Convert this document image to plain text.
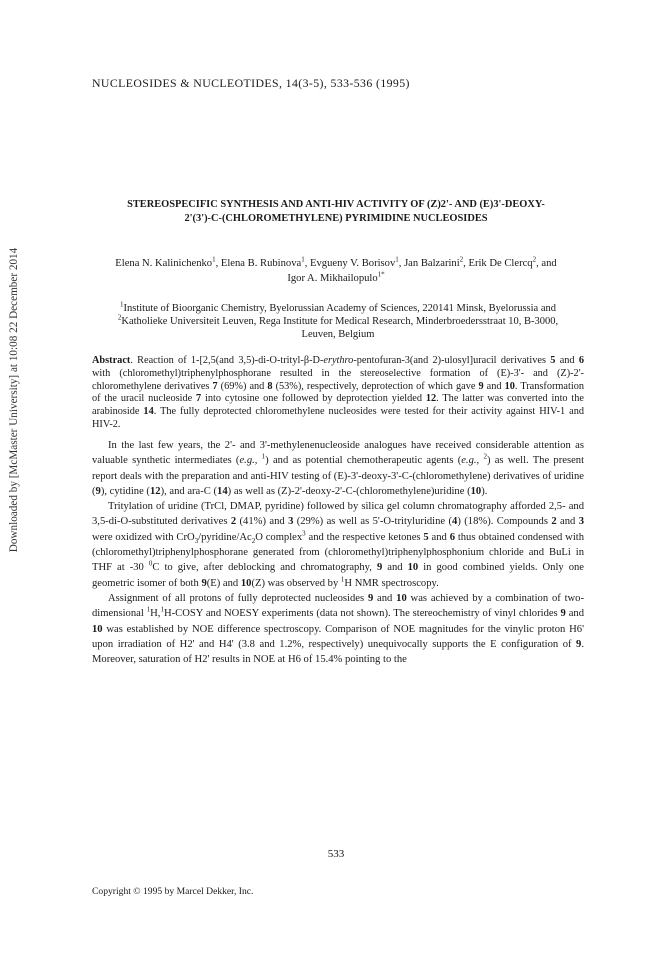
Downloaded by [McMaster University] at 10:08 22 December 2014
NUCLEOSIDES & NUCLEOTIDES, 14(3-5), 533-536 (1995)
STEREOSPECIFIC SYNTHESIS AND ANTI-HIV ACTIVITY OF (Z)2'- AND (E)3'-DEOXY-
2'(3')-C-(CHLOROMETHYLENE) PYRIMIDINE NUCLEOSIDES
Elena N. Kalinichenko$^1$, Elena B. Rubinova$^1$, Evgueny V. Borisov$^1$, Jan Balzarini$^2$, Erik De Clercq$^2$, and
Igor A. Mikhailopulo$^{1*}$
$^1$Institute of Bioorganic Chemistry, Byelorussian Academy of Sciences, 220141 Minsk, Byelorussia and
$^2$Katholieke Universiteit Leuven, Rega Institute for Medical Research, Minderbroedersstraat 10, B-3000,
Leuven, Belgium
Abstract. Reaction of 1-[2,5(and 3,5)-di-O-trityl-β-D-erythro-pentofuran-3(and 2)-ulosyl]uracil derivatives 5 and 6 with (chloromethyl)triphenylphosphorane resulted in the stereoselective formation of (E)-3'- and (Z)-2'-chloromethylene derivatives 7 (69%) and 8 (53%), respectively, deprotection of which gave 9 and 10. Transformation of the uracil nucleoside 7 into cytosine one followed by deprotection yielded 12. The latter was converted into the arabinoside 14. The fully deprotected chloromethylene nucleosides were tested for their activity against HIV-1 and HIV-2.

In the last few years, the 2'- and 3'-methylenenucleoside analogues have received considerable attention as valuable synthetic intermediates (e.g., $^1$) and as potential chemotherapeutic agents (e.g., $^2$) as well. The present report deals with the preparation and anti-HIV testing of (E)-3'-deoxy-3'-C-(chloromethylene) derivatives of uridine (9), cytidine (12), and ara-C (14) as well as (Z)-2'-deoxy-2'-C-(chloromethylene)uridine (10).

Tritylation of uridine (TrCl, DMAP, pyridine) followed by silica gel column chromatography afforded 2,5- and 3,5-di-O-substituted derivatives 2 (41%) and 3 (29%) as well as 5'-O-trityluridine (4) (18%). Compounds 2 and 3 were oxidized with $CrO_3/pyridine/Ac_2O$ complex$^3$ and the respective ketones 5 and 6 thus obtained condensed with (chloromethyl)triphenylphosphorane generated from (chloromethyl)triphenylphosphonium chloride and BuLi in THF at -30 $^0$C to give, after deblocking and chromatography, 9 and 10 in good combined yields. Only one geometric isomer of both 9(E) and 10(Z) was observed by $^1$H NMR spectroscopy.

Assignment of all protons of fully deprotected nucleosides 9 and 10 was achieved by a combination of two-dimensional $^1$H,$^1$H-COSY and NOESY experiments (data not shown). The stereochemistry of vinyl chlorides 9 and 10 was established by NOE difference spectroscopy. Comparison of NOE magnitudes for the vinylic proton H6' upon irradiation of H2' and H4' (3.8 and 1.2%, respectively) unequivocally supports the E configuration of 9. Moreover, saturation of H2' results in NOE at H6 of 15.4% pointing to the

533
Copyright © 1995 by Marcel Dekker, Inc.
